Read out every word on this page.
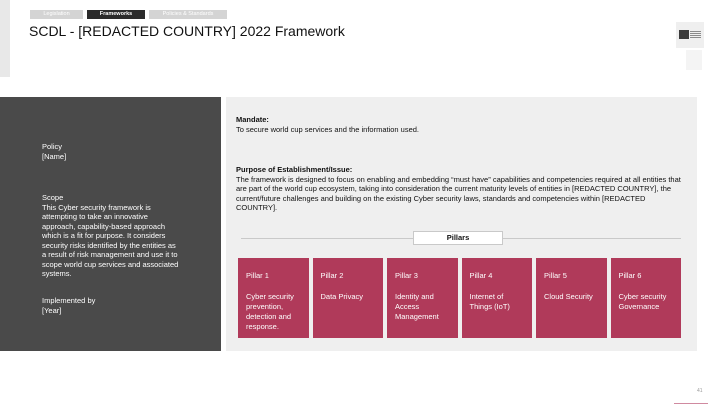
Legislation	Frameworks	Policies & Standards
SCDL - [REDACTED COUNTRY] 2022 Framework
Policy
[Name]
Scope
This Cyber security framework is attempting to take an innovative approach, capability-based approach which is a fit for purpose. It considers security risks identified by the entities as a result of risk management and use it to scope world cup services and associated systems.
Implemented by
[Year]
Mandate:
To secure world cup services and the information used.
Purpose of Establishment/Issue:
The framework is designed to focus on enabling and embedding “must have” capabilities and competencies required at all entities that are part of the world cup ecosystem, taking into consideration the current maturity levels of entities in [REDACTED COUNTRY], the current/future challenges and building on the existing Cyber security laws, standards and competencies within [REDACTED COUNTRY].
Pillars
Pillar 1
Cyber security prevention, detection and response.
Pillar 2
Data Privacy
Pillar 3
Identity and Access Management
Pillar 4
Internet of Things (IoT)
Pillar 5
Cloud Security
Pillar 6
Cyber security Governance
41
